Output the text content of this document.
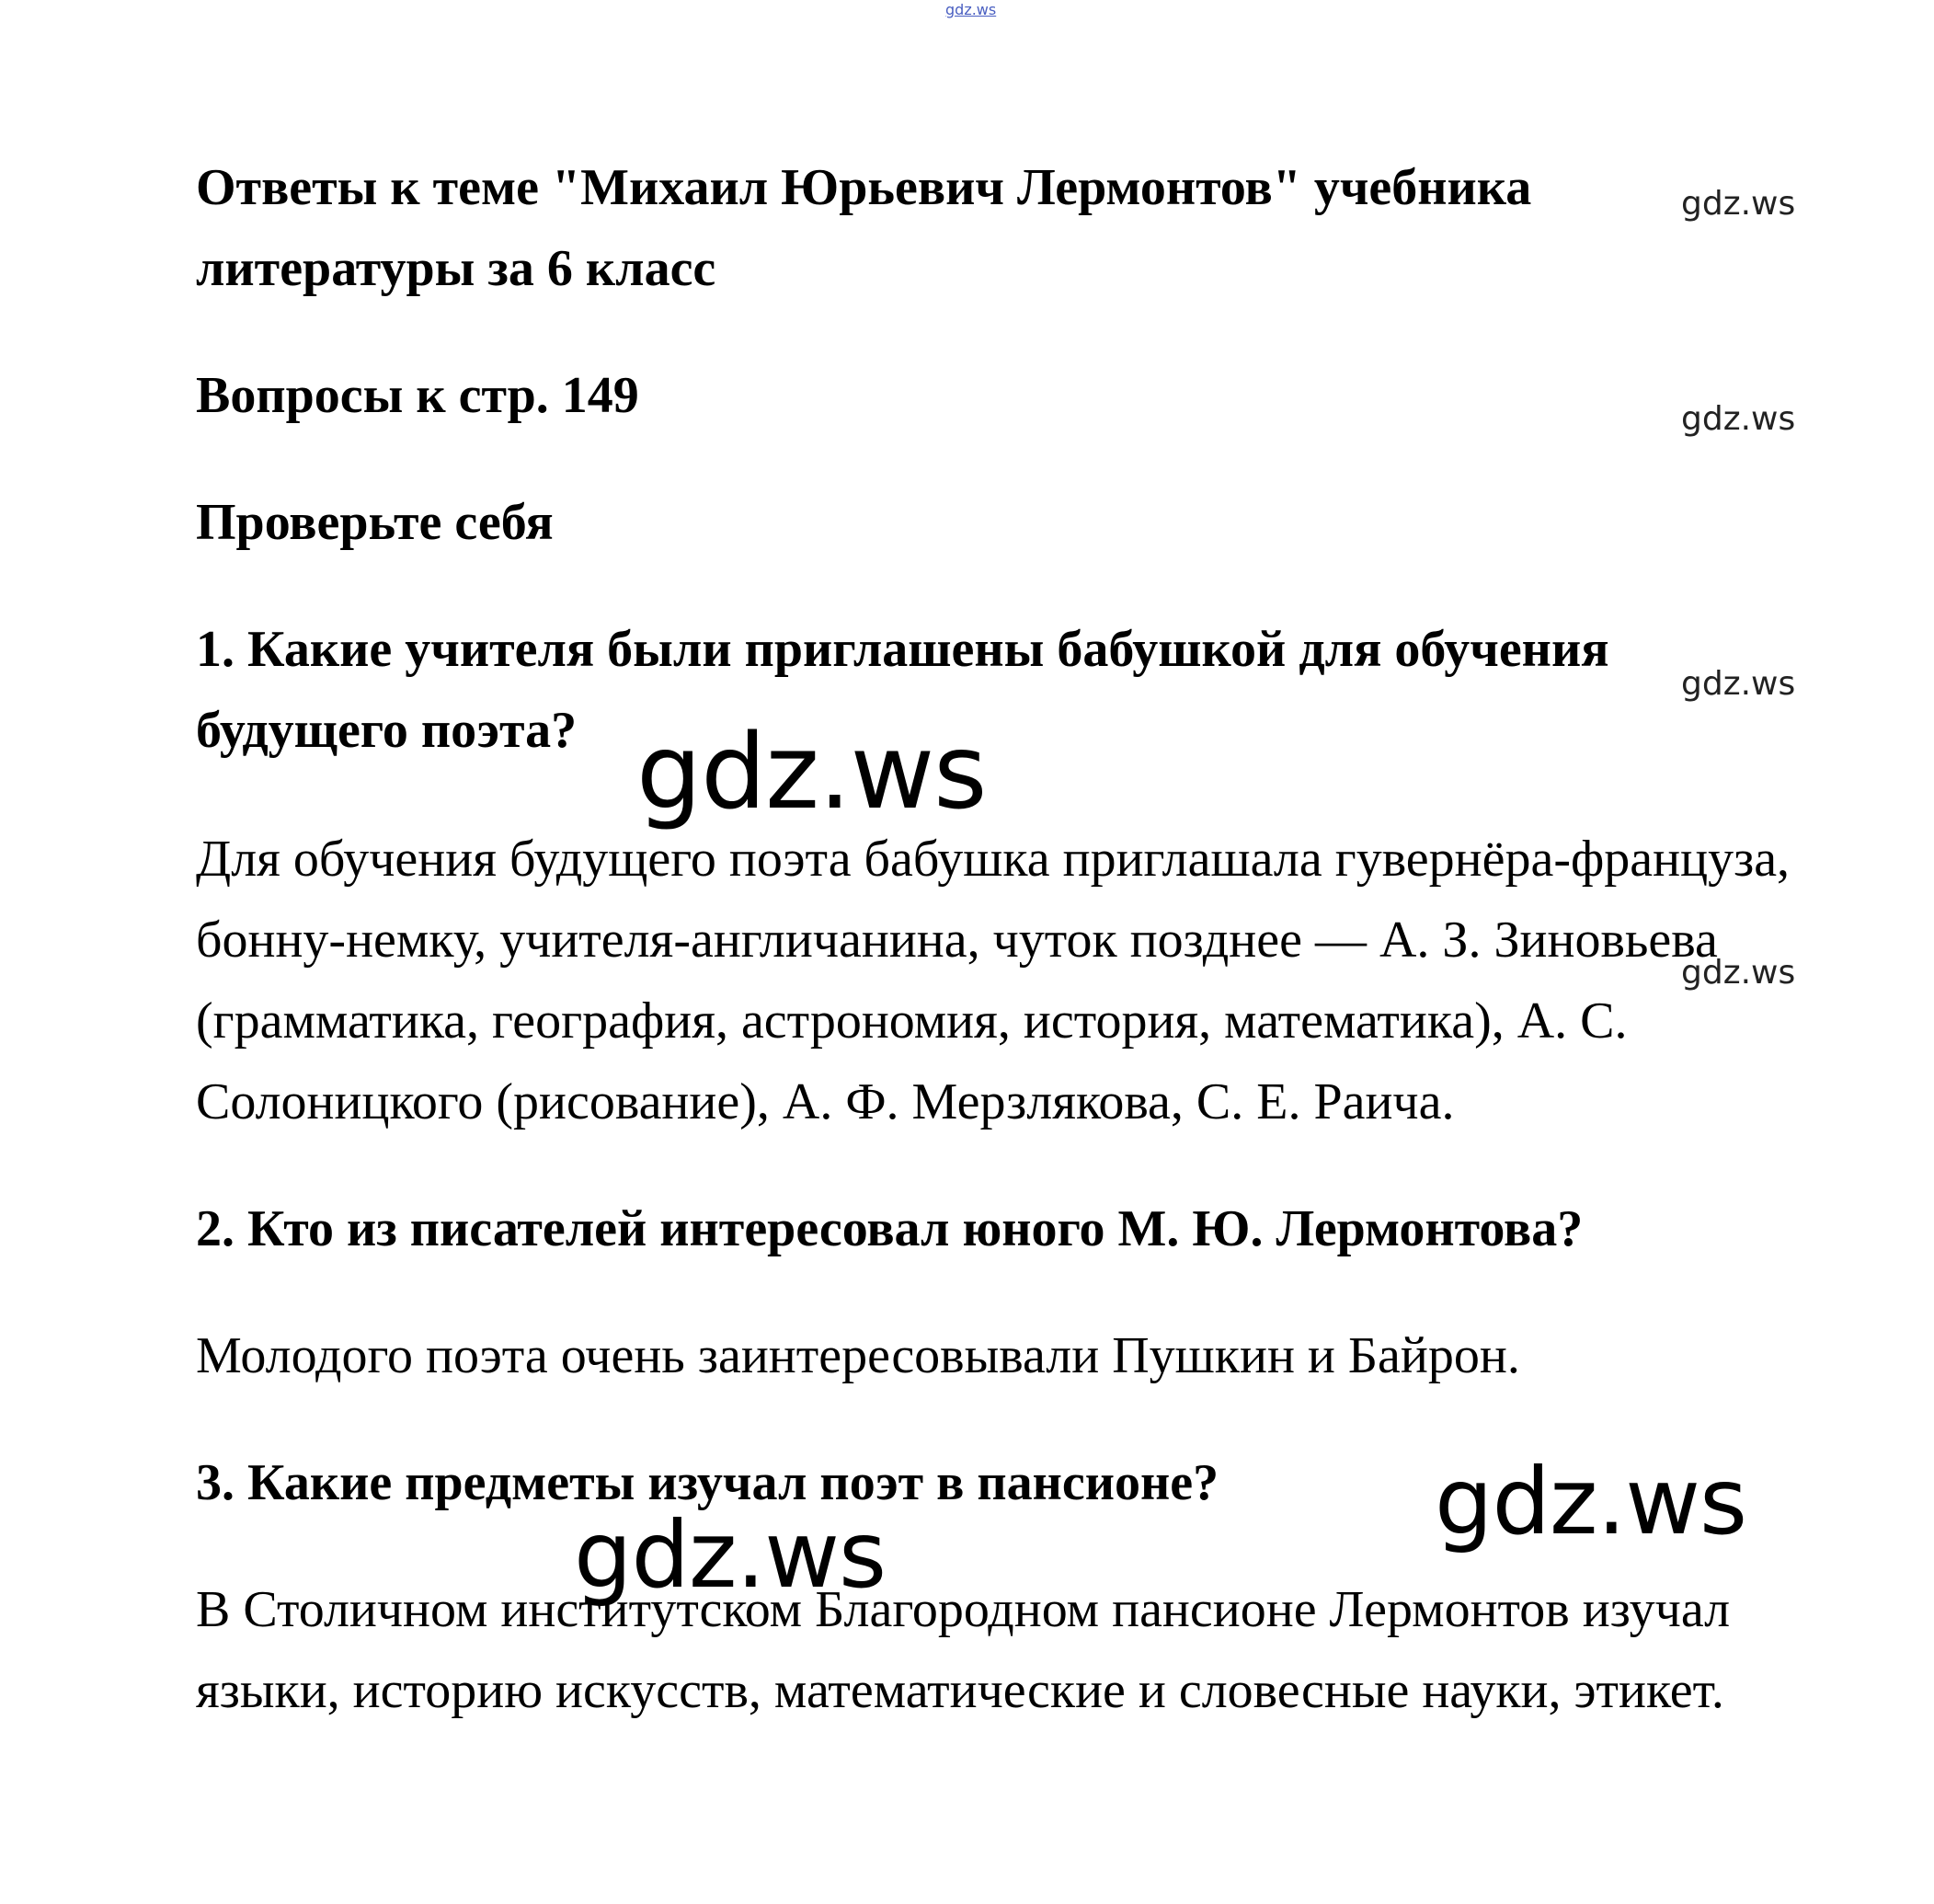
gdz.ws
Ответы к теме "Михаил Юрьевич Лермонтов" учебника литературы за 6 класс
Вопросы к стр. 149
Проверьте себя

1. Какие учителя были приглашены бабушкой для обучения будущего поэта?

Для обучения будущего поэта бабушка приглашала гувернёра-француза, бонну-немку, учителя-англичанина, чуток позднее — А. З. Зиновьева (грамматика, география, астрономия, история, математика), А. С. Солоницкого (рисование), А. Ф. Мерзлякова, С. Е. Раича.

2. Кто из писателей интересовал юного М. Ю. Лермонтова?

Молодого поэта очень заинтересовывали Пушкин и Байрон.

3. Какие предметы изучал поэт в пансионе?

В Столичном институтском Благородном пансионе Лермонтов изучал языки, историю искусств, математические и словесные науки, этикет.

gdz.ws
gdz.ws
gdz.ws
gdz.ws
gdz.ws
gdz.ws
gdz.ws
